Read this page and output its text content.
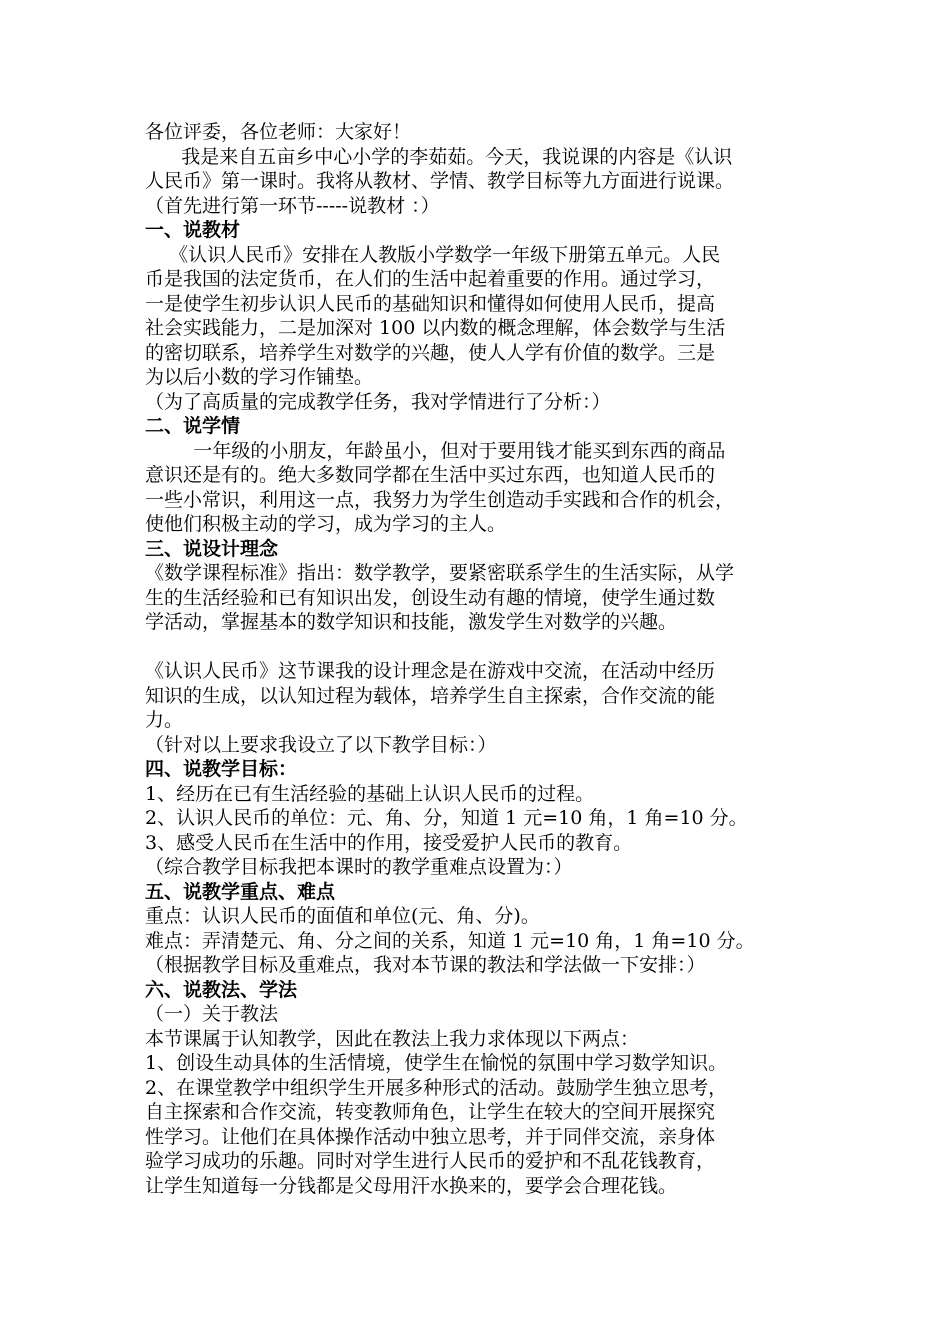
各位评委，各位老师：大家好！
我是来自五亩乡中心小学的李茹茹。今天，我说课的内容是《认识
人民币》第一课时。我将从教材、学情、教学目标等九方面进行说课。
（首先进行第一环节-----说教材 ：）
一、说教材
《认识人民币》安排在人教版小学数学一年级下册第五单元。人民
币是我国的法定货币，在人们的生活中起着重要的作用。通过学习，
一是使学生初步认识人民币的基础知识和懂得如何使用人民币，提高
社会实践能力，二是加深对 100 以内数的概念理解，体会数学与生活
的密切联系，培养学生对数学的兴趣，使人人学有价值的数学。三是
为以后小数的学习作铺垫。
（为了高质量的完成教学任务，我对学情进行了分析：）
二、说学情
一年级的小朋友，年龄虽小，但对于要用钱才能买到东西的商品
意识还是有的。绝大多数同学都在生活中买过东西，也知道人民币的
一些小常识，利用这一点，我努力为学生创造动手实践和合作的机会，
使他们积极主动的学习，成为学习的主人。
三、说设计理念
《数学课程标准》指出：数学教学，要紧密联系学生的生活实际，从学
生的生活经验和已有知识出发，创设生动有趣的情境，使学生通过数
学活动，掌握基本的数学知识和技能，激发学生对数学的兴趣。
《认识人民币》这节课我的设计理念是在游戏中交流，在活动中经历
知识的生成，以认知过程为载体，培养学生自主探索，合作交流的能
力。
（针对以上要求我设立了以下教学目标：）
四、说教学目标：
1、经历在已有生活经验的基础上认识人民币的过程。
2、认识人民币的单位：元、角、分，知道 1 元=10 角，1 角=10 分。
3、感受人民币在生活中的作用，接受爱护人民币的教育。
（综合教学目标我把本课时的教学重难点设置为：）
五、说教学重点、难点
重点：认识人民币的面值和单位(元、角、分)。
难点：弄清楚元、角、分之间的关系，知道 1 元=10 角，1 角=10 分。
（根据教学目标及重难点，我对本节课的教法和学法做一下安排：）
六、说教法、学法
（一）关于教法
本节课属于认知教学，因此在教法上我力求体现以下两点：
1、创设生动具体的生活情境，使学生在愉悦的氛围中学习数学知识。
2、在课堂教学中组织学生开展多种形式的活动。鼓励学生独立思考，
自主探索和合作交流，转变教师角色，让学生在较大的空间开展探究
性学习。让他们在具体操作活动中独立思考，并于同伴交流，亲身体
验学习成功的乐趣。同时对学生进行人民币的爱护和不乱花钱教育，
让学生知道每一分钱都是父母用汗水换来的，要学会合理花钱。
